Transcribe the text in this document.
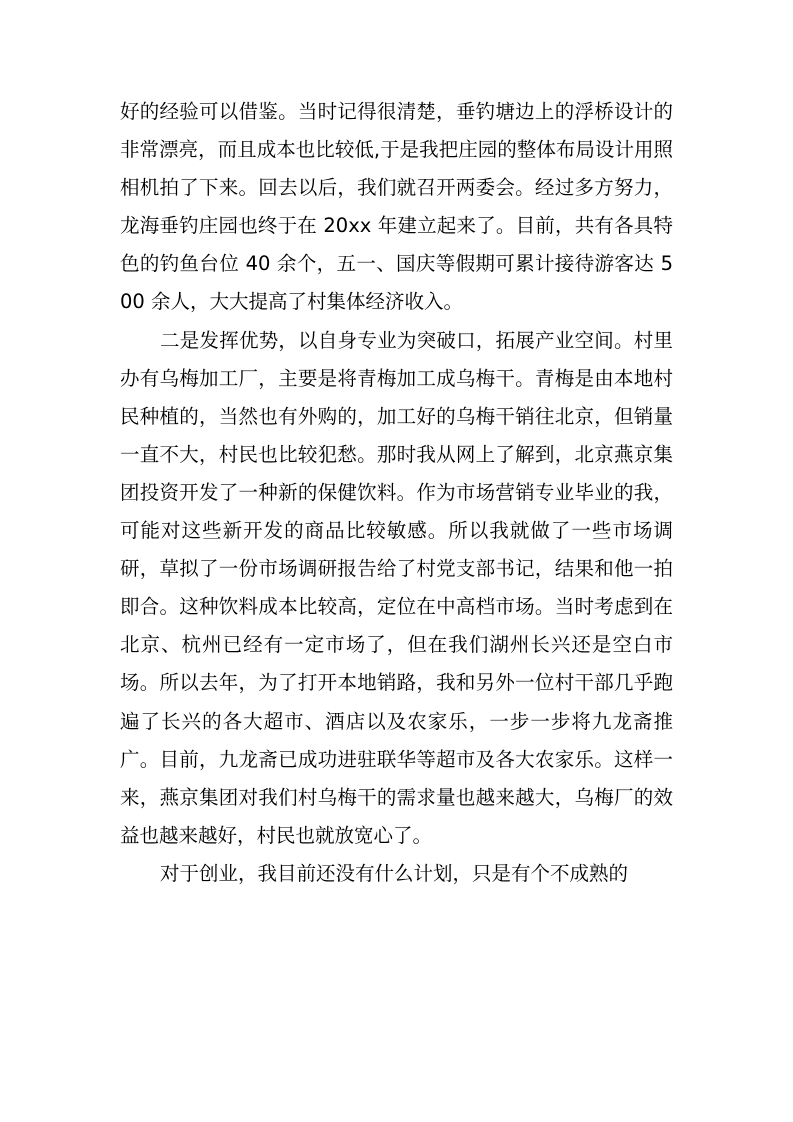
好的经验可以借鉴。当时记得很清楚，垂钓塘边上的浮桥设计的非常漂亮，而且成本也比较低,于是我把庄园的整体布局设计用照相机拍了下来。回去以后，我们就召开两委会。经过多方努力，龙海垂钓庄园也终于在 20xx 年建立起来了。目前，共有各具特色的钓鱼台位 40 余个，五一、国庆等假期可累计接待游客达 500 余人，大大提高了村集体经济收入。

二是发挥优势，以自身专业为突破口，拓展产业空间。村里办有乌梅加工厂，主要是将青梅加工成乌梅干。青梅是由本地村民种植的，当然也有外购的，加工好的乌梅干销往北京，但销量一直不大，村民也比较犯愁。那时我从网上了解到，北京燕京集团投资开发了一种新的保健饮料。作为市场营销专业毕业的我，可能对这些新开发的商品比较敏感。所以我就做了一些市场调研，草拟了一份市场调研报告给了村党支部书记，结果和他一拍即合。这种饮料成本比较高，定位在中高档市场。当时考虑到在北京、杭州已经有一定市场了，但在我们湖州长兴还是空白市场。所以去年，为了打开本地销路，我和另外一位村干部几乎跑遍了长兴的各大超市、酒店以及农家乐，一步一步将九龙斋推广。目前，九龙斋已成功进驻联华等超市及各大农家乐。这样一来，燕京集团对我们村乌梅干的需求量也越来越大，乌梅厂的效益也越来越好，村民也就放宽心了。

对于创业，我目前还没有什么计划，只是有个不成熟的
